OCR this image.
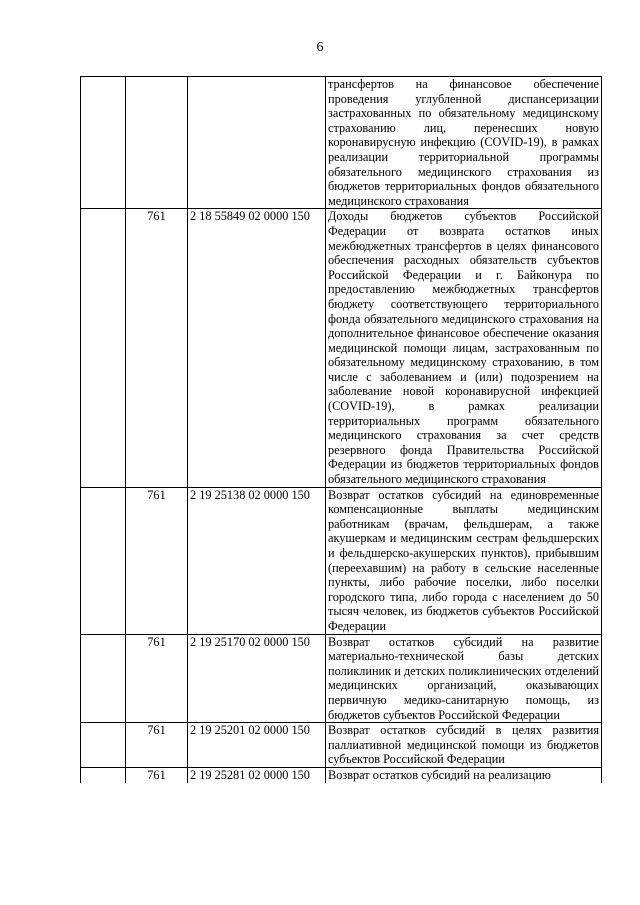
6
			трансфертов на финансовое обеспечение проведения углубленной диспансеризации застрахованных по обязательному медицинскому страхованию лиц, перенесших новую коронавирусную инфекцию (COVID-19), в рамках реализации территориальной программы обязательного медицинского страхования из бюджетов территориальных фондов обязательного медицинского страхования
	761	2 18 55849 02 0000 150	Доходы бюджетов субъектов Российской Федерации от возврата остатков иных межбюджетных трансфертов в целях финансового обеспечения расходных обязательств субъектов Российской Федерации и г. Байконура по предоставлению межбюджетных трансфертов бюджету соответствующего территориального фонда обязательного медицинского страхования на дополнительное финансовое обеспечение оказания медицинской помощи лицам, застрахованным по обязательному медицинскому страхованию, в том числе с заболеванием и (или) подозрением на заболевание новой коронавирусной инфекцией (COVID-19), в рамках реализации территориальных программ обязательного медицинского страхования за счет средств резервного фонда Правительства Российской Федерации из бюджетов территориальных фондов обязательного медицинского страхования
	761	2 19 25138 02 0000 150	Возврат остатков субсидий на единовременные компенсационные выплаты медицинским работникам (врачам, фельдшерам, а также акушеркам и медицинским сестрам фельдшерских и фельдшерско-акушерских пунктов), прибывшим (переехавшим) на работу в сельские населенные пункты, либо рабочие поселки, либо поселки городского типа, либо города с населением до 50 тысяч человек, из бюджетов субъектов Российской Федерации
	761	2 19 25170 02 0000 150	Возврат остатков субсидий на развитие материально-технической базы детских поликлиник и детских поликлинических отделений медицинских организаций, оказывающих первичную медико-санитарную помощь, из бюджетов субъектов Российской Федерации
	761	2 19 25201 02 0000 150	Возврат остатков субсидий в целях развития паллиативной медицинской помощи из бюджетов субъектов Российской Федерации
	761	2 19 25281 02 0000 150	Возврат остатков субсидий на реализацию
